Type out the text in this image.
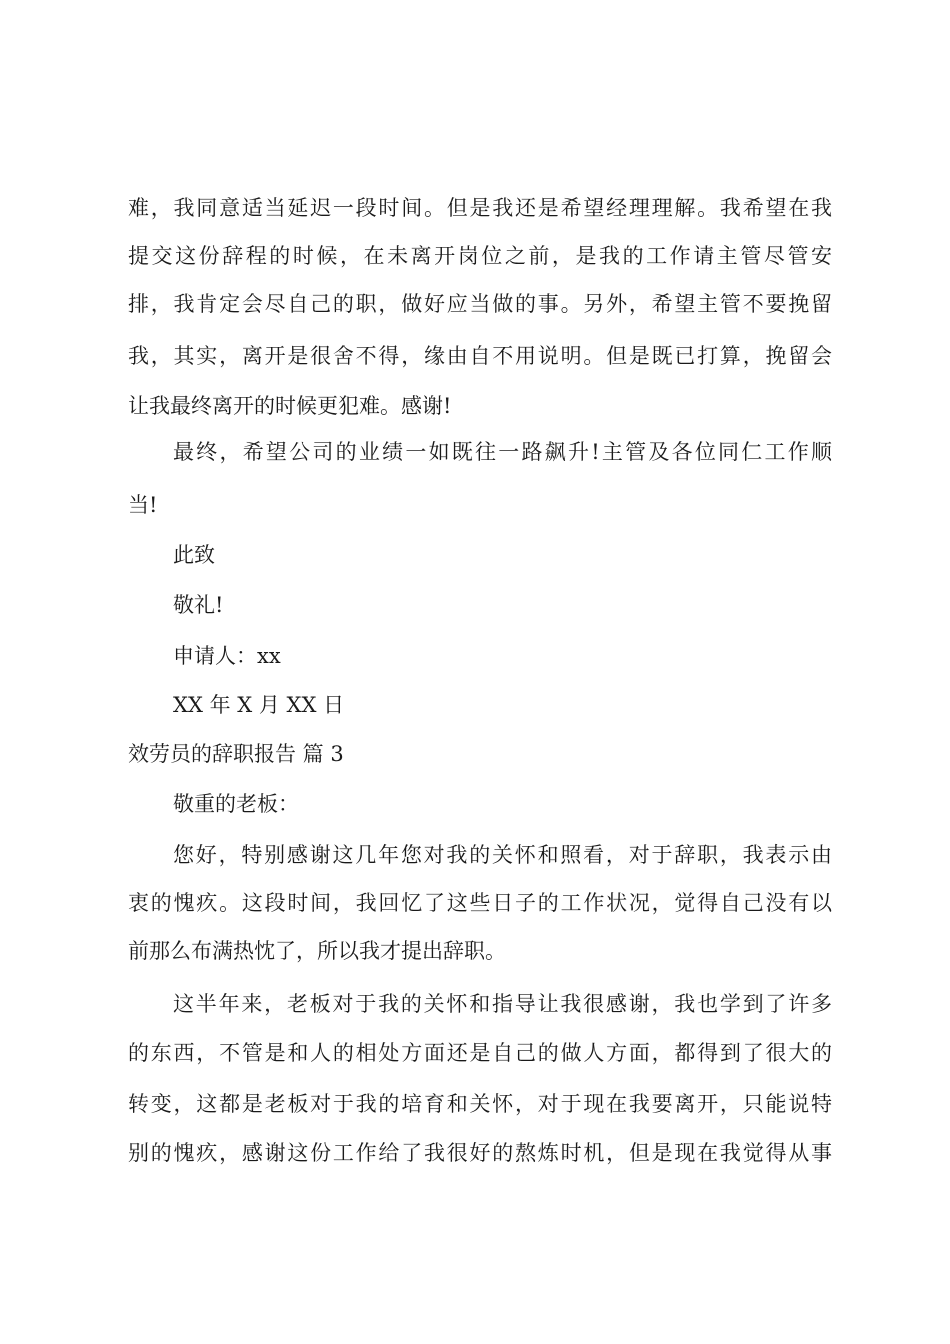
难，我同意适当延迟一段时间。但是我还是希望经理理解。我希望在我
提交这份辞程的时候，在未离开岗位之前，是我的工作请主管尽管安
排，我肯定会尽自己的职，做好应当做的事。另外，希望主管不要挽留
我，其实，离开是很舍不得，缘由自不用说明。但是既已打算，挽留会
让我最终离开的时候更犯难。感谢!
最终，希望公司的业绩一如既往一路飙升!主管及各位同仁工作顺
当!
此致
敬礼!
申请人：xx
XX 年 X 月 XX 日
效劳员的辞职报告 篇 3
敬重的老板：
您好，特别感谢这几年您对我的关怀和照看，对于辞职，我表示由
衷的愧疚。这段时间，我回忆了这些日子的工作状况，觉得自己没有以
前那么布满热忱了，所以我才提出辞职。
这半年来，老板对于我的关怀和指导让我很感谢，我也学到了许多
的东西，不管是和人的相处方面还是自己的做人方面，都得到了很大的
转变，这都是老板对于我的培育和关怀，对于现在我要离开，只能说特
别的愧疚，感谢这份工作给了我很好的熬炼时机，但是现在我觉得从事
